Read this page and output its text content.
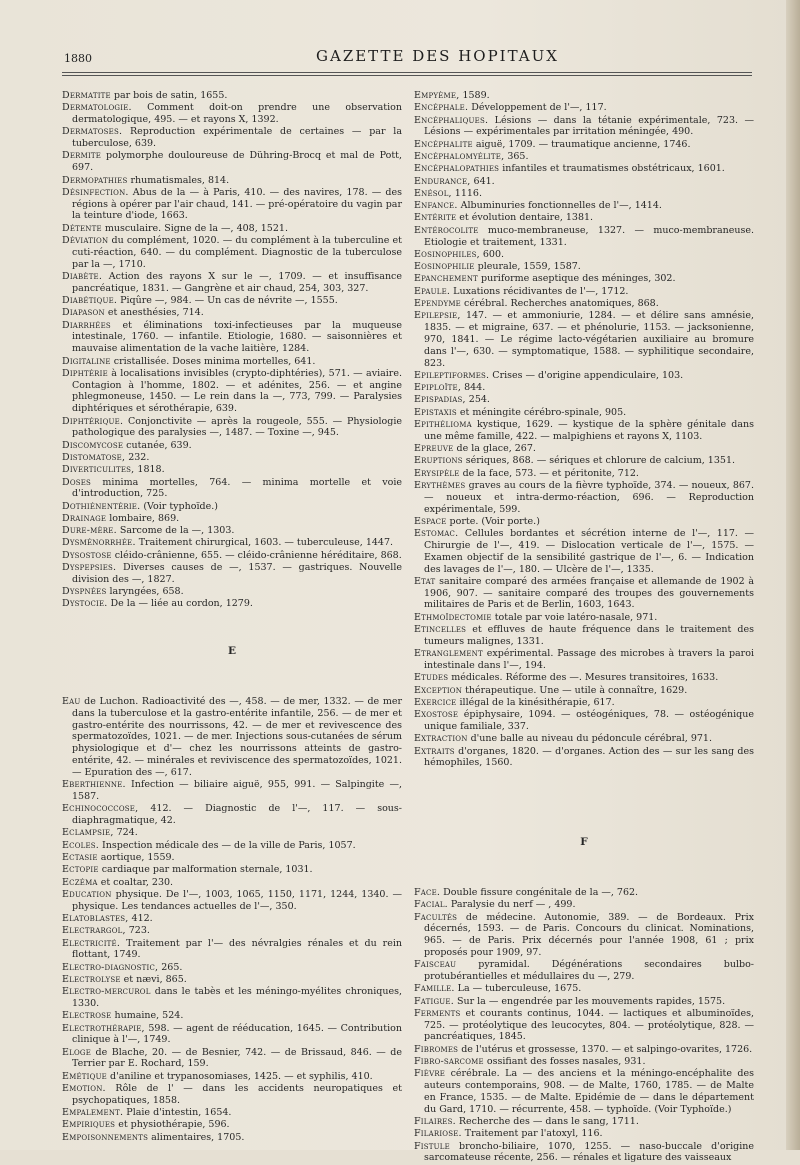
1880	GAZETTE DES HOPITAUX

Dermatite par bois de satin, 1655.

Dermatologie. Comment doit-on prendre une observation dermatologique, 495. — et rayons X, 1392.

Dermatoses. Reproduction expérimentale de certaines — par la tuberculose, 639.

Dermite polymorphe douloureuse de Dühring-Brocq et mal de Pott, 697.

Dermopathies rhumatismales, 814.

Désinfection. Abus de la — à Paris, 410. — des navires, 178. — des régions à opérer par l'air chaud, 141. — pré-opératoire du vagin par la teinture d'iode, 1663.

Détente musculaire. Signe de la —, 408, 1521.

Déviation du complément, 1020. — du complément à la tuberculine et cuti-réaction, 640. — du complément. Diagnostic de la tuberculose par la —, 1710.

Diabète. Action des rayons X sur le —, 1709. — et insuffisance pancréatique, 1831. — Gangrène et air chaud, 254, 303, 327.

Diabétique. Piqûre —, 984. — Un cas de névrite —, 1555.

Diapason et anesthésies, 714.

Diarrhées et éliminations toxi-infectieuses par la muqueuse intestinale, 1760. — infantile. Etiologie, 1680. — saisonnières et mauvaise alimentation de la vache laitière, 1284.

Digitaline cristallisée. Doses minima mortelles, 641.

Diphtérie à localisations invisibles (crypto-diphtéries), 571. — aviaire. Contagion à l'homme, 1802. — et adénites, 256. — et angine phlegmoneuse, 1450. — Le rein dans la —, 773, 799. — Paralysies diphtériques et sérothérapie, 639.

Diphtérique. Conjonctivite — après la rougeole, 555. — Physiologie pathologique des paralysies —, 1487. — Toxine —, 945.

Discomycose cutanée, 639.

Distomatose, 232.

Diverticulites, 1818.

Doses minima mortelles, 764. — minima mortelle et voie d'introduction, 725.

Dothiénentérie. (Voir typhoïde.)

Drainage lombaire, 869.

Dure-mère. Sarcome de la —, 1303.

Dysménorrhée. Traitement chirurgical, 1603. — tuberculeuse, 1447.

Dysostose cléido-crânienne, 655. — cléido-crânienne héréditaire, 868.

Dyspepsies. Diverses causes de —, 1537. — gastriques. Nouvelle division des —, 1827.

Dyspnées laryngées, 658.

Dystocie. De la — liée au cordon, 1279.

E

Eau de Luchon. Radioactivité des —, 458. — de mer, 1332. — de mer dans la tuberculose et la gastro-entérite infantile, 256. — de mer et gastro-entérite des nourrissons, 42. — de mer et revivescence des spermatozoïdes, 1021. — de mer. Injections sous-cutanées de sérum physiologique et d'— chez les nourrissons atteints de gastro-entérite, 42. — minérales et reviviscence des spermatozoïdes, 1021. — Epuration des —, 617.

Eberthienne. Infection — biliaire aiguë, 955, 991. — Salpingite —, 1587.

Echinococcose, 412. — Diagnostic de l'—, 117. — sous-diaphragmatique, 42.

Eclampsie, 724.

Ecoles. Inspection médicale des — de la ville de Paris, 1057.

Ectasie aortique, 1559.

Ectopie cardiaque par malformation sternale, 1031.

Eczéma et coaltar, 230.

Education physique. De l'—, 1003, 1065, 1150, 1171, 1244, 1340. — physique. Les tendances actuelles de l'—, 350.

Elatoblastes, 412.

Electrargol, 723.

Electricité. Traitement par l'— des névralgies rénales et du rein flottant, 1749.

Electro-diagnostic, 265.

Electrolyse et nævi, 865.

Electro-mercurol dans le tabès et les méningo-myélites chroniques, 1330.

Electrose humaine, 524.

Electrothérapie, 598. — agent de rééducation, 1645. — Contribution clinique à l'—, 1749.

Eloge de Blache, 20. — de Besnier, 742. — de Brissaud, 846. — de Terrier par E. Rochard, 159.

Emétique d'aniline et trypanosomiases, 1425. — et syphilis, 410.

Emotion. Rôle de l' — dans les accidents neuropatiques et psychopatiques, 1858.

Empalement. Plaie d'intestin, 1654.

Empiriques et physiothérapie, 596.

Empoisonnements alimentaires, 1705.

Empyème, 1589.

Encéphale. Développement de l'—, 117.

Encéphaliques. Lésions — dans la tétanie expérimentale, 723. — Lésions — expérimentales par irritation méningée, 490.

Encéphalite aiguë, 1709. — traumatique ancienne, 1746.

Encéphalomyélite, 365.

Encéphalopathies infantiles et traumatismes obstétricaux, 1601.

Endurance, 641.

Enésol, 1116.

Enfance. Albuminuries fonctionnelles de l'—, 1414.

Entérite et évolution dentaire, 1381.

Entérocolite muco-membraneuse, 1327. — muco-membraneuse. Etiologie et traitement, 1331.

Eosinophiles, 600.

Eosinophilie pleurale, 1559, 1587.

Epanchement puriforme aseptique des méninges, 302.

Epaule. Luxations récidivantes de l'—, 1712.

Ependyme cérébral. Recherches anatomiques, 868.

Epilepsie, 147. — et ammoniurie, 1284. — et délire sans amnésie, 1835. — et migraine, 637. — et phénolurie, 1153. — jacksonienne, 970, 1841. — Le régime lacto-végétarien auxiliaire au bromure dans l'—, 630. — symptomatique, 1588. — syphilitique secondaire, 823.

Epileptiformes. Crises — d'origine appendiculaire, 103.

Epiploïte, 844.

Epispadias, 254.

Epistaxis et méningite cérébro-spinale, 905.

Epithélioma kystique, 1629. — kystique de la sphère génitale dans une même famille, 422. — malpighiens et rayons X, 1103.

Epreuve de la glace, 267.

Eruptions sériques, 868. — sériques et chlorure de calcium, 1351.

Erysipèle de la face, 573. — et péritonite, 712.

Erythèmes graves au cours de la fièvre typhoïde, 374. — noueux, 867. — noueux et intra-dermo-réaction, 696. — Reproduction expérimentale, 599.

Espace porte. (Voir porte.)

Estomac. Cellules bordantes et sécrétion interne de l'—, 117. — Chirurgie de l'—, 419. — Dislocation verticale de l'—, 1575. — Examen objectif de la sensibilité gastrique de l'—, 6. — Indication des lavages de l'—, 180. — Ulcère de l'—, 1335.

Etat sanitaire comparé des armées française et allemande de 1902 à 1906, 907. — sanitaire comparé des troupes des gouvernements militaires de Paris et de Berlin, 1603, 1643.

Ethmoïdectomie totale par voie latéro-nasale, 971.

Etincelles et effluves de haute fréquence dans le traitement des tumeurs malignes, 1331.

Etranglement expérimental. Passage des microbes à travers la paroi intestinale dans l'—, 194.

Etudes médicales. Réforme des —. Mesures transitoires, 1633.

Exception thérapeutique. Une — utile à connaître, 1629.

Exercice illégal de la kinésithérapie, 617.

Exostose épiphysaire, 1094. — ostéogéniques, 78. — ostéogénique unique familiale, 337.

Extraction d'une balle au niveau du pédoncule cérébral, 971.

Extraits d'organes, 1820. — d'organes. Action des — sur les sang des hémophiles, 1560.

F

Face. Double fissure congénitale de la —, 762.

Facial. Paralysie du nerf — , 499.

Facultés de médecine. Autonomie, 389. — de Bordeaux. Prix décernés, 1593. — de Paris. Concours du clinicat. Nominations, 965. — de Paris. Prix décernés pour l'année 1908, 61 ; prix proposés pour 1909, 97.

Faisceau pyramidal. Dégénérations secondaires bulbo-protubérantielles et médullaires du —, 279.

Famille. La — tuberculeuse, 1675.

Fatigue. Sur la — engendrée par les mouvements rapides, 1575.

Ferments et courants continus, 1044. — lactiques et albuminoïdes, 725. — protéolytique des leucocytes, 804. — protéolytique, 828. — pancréatiques, 1845.

Fibromes de l'utérus et grossesse, 1370. — et salpingo-ovarites, 1726.

Fibro-sarcome ossifiant des fosses nasales, 931.

Fièvre cérébrale. La — des anciens et la méningo-encéphalite des auteurs contemporains, 908. — de Malte, 1760, 1785. — de Malte en France, 1535. — de Malte. Epidémie de — dans le département du Gard, 1710. — récurrente, 458. — typhoïde. (Voir Typhoïde.)

Filaires. Recherche des — dans le sang, 1711.

Filariose. Traitement par l'atoxyl, 116.

Fistule broncho-biliaire, 1070, 1255. — naso-buccale d'origine sarcomateuse récente, 256. — rénales et ligature des vaisseaux
